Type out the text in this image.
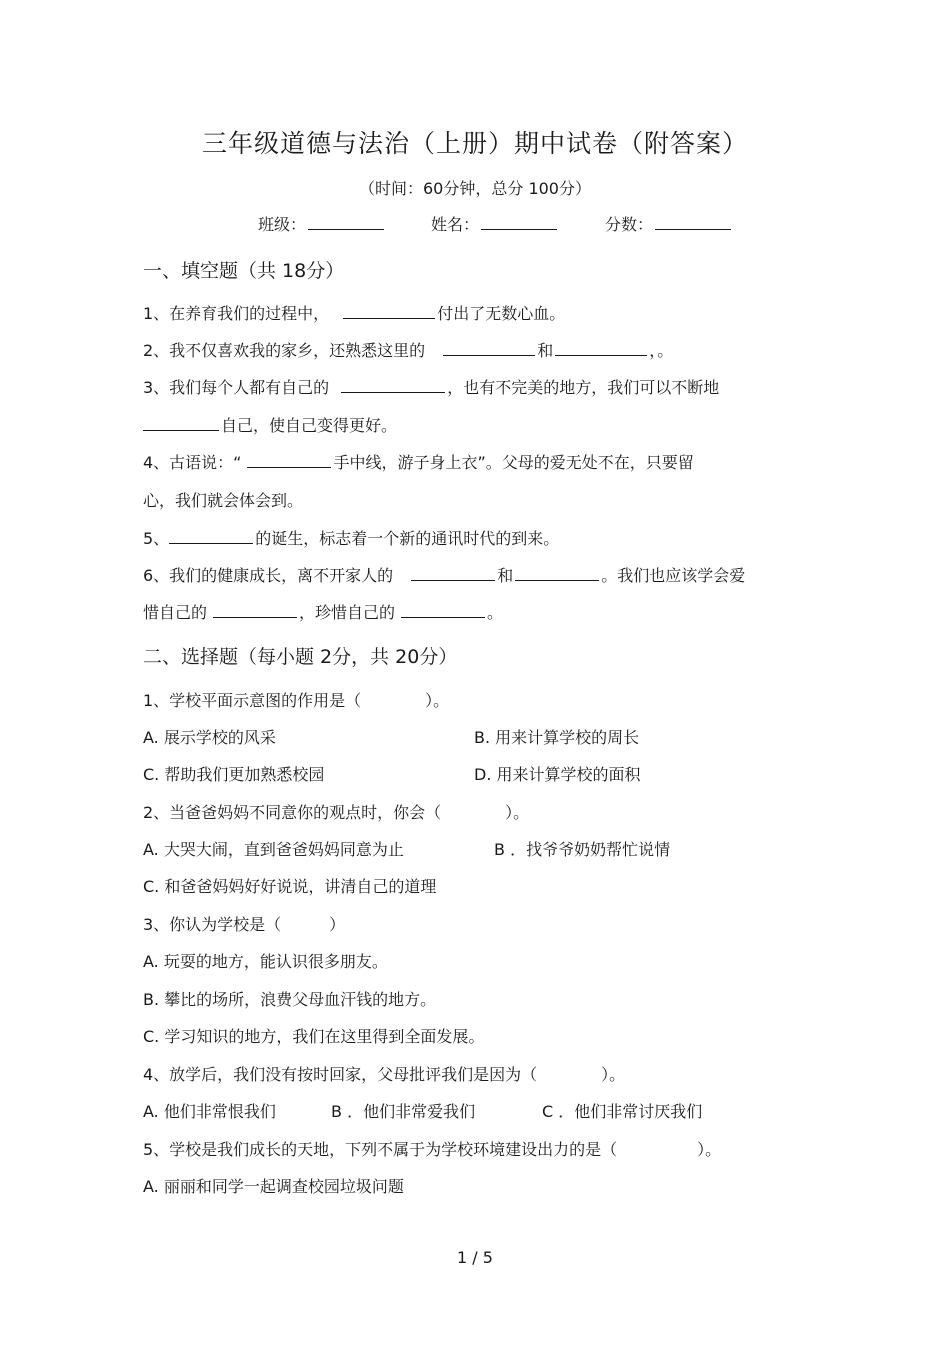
三年级道德与法治（上册）期中试卷（附答案）
（时间：60分钟，总分 100分）
班级：	姓名：	分数：
一、填空题（共 18分）
1、在养育我们的过程中，	付出了无数心血。
2、我不仅喜欢我的家乡，还熟悉这里的	和	，。
3、我们每个人都有自己的	，也有不完美的地方，我们可以不断地
自己，使自己变得更好。
4、古语说：“	手中线，游子身上衣”。父母的爱无处不在，只要留
心，我们就会体会到。
5、	的诞生，标志着一个新的通讯时代的到来。
6、我们的健康成长，离不开家人的	和	。我们也应该学会爱
惜自己的	，珍惜自己的	。
二、选择题（每小题 2分，共 20分）
1、学校平面示意图的作用是（　　　　）。
A. 展示学校的风采	B. 用来计算学校的周长
C. 帮助我们更加熟悉校园	D. 用来计算学校的面积
2、当爸爸妈妈不同意你的观点时，你会（　　　　）。
A. 大哭大闹，直到爸爸妈妈同意为止	B ．找爷爷奶奶帮忙说情
C. 和爸爸妈妈好好说说，讲清自己的道理
3、你认为学校是（　　　）
A. 玩耍的地方，能认识很多朋友。
B. 攀比的场所，浪费父母血汗钱的地方。
C. 学习知识的地方，我们在这里得到全面发展。
4、放学后，我们没有按时回家，父母批评我们是因为（　　　　）。
A. 他们非常恨我们	B ．他们非常爱我们	C ．他们非常讨厌我们
5、学校是我们成长的天地，下列不属于为学校环境建设出力的是（　　　　　）。
A. 丽丽和同学一起调查校园垃圾问题
1 / 5
